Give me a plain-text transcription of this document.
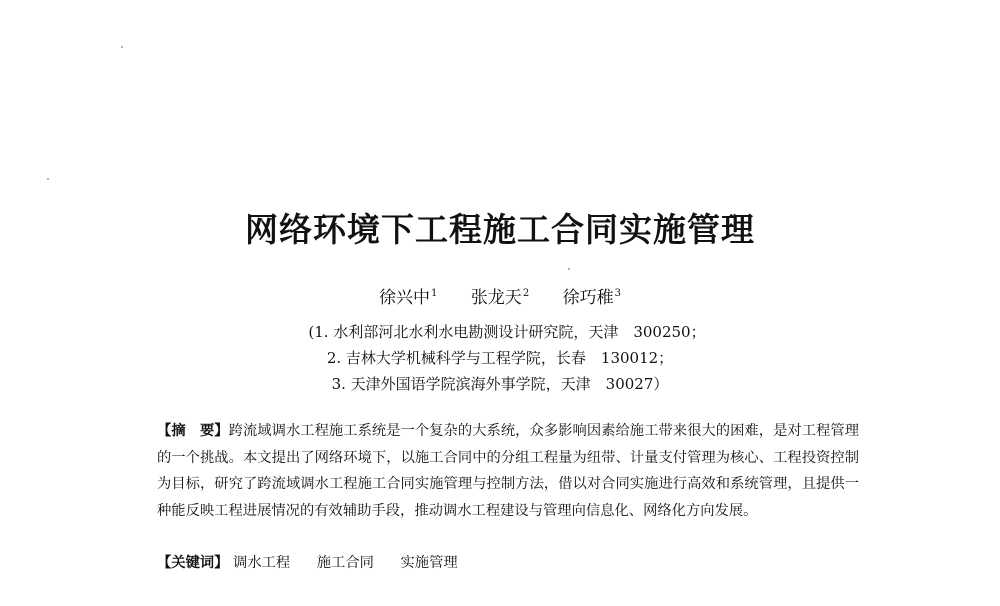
网络环境下工程施工合同实施管理
徐兴中$^1$ 张龙天$^2$ 徐巧稚$^3$
(1. 水利部河北水利水电勘测设计研究院，天津　300250；
2. 吉林大学机械科学与工程学院，长春　130012；
3. 天津外国语学院滨海外事学院，天津　30027）
【摘　要】跨流域调水工程施工系统是一个复杂的大系统，众多影响因素给施工带来很大的困难，是对工程管理的一个挑战。本文提出了网络环境下，以施工合同中的分组工程量为纽带、计量支付管理为核心、工程投资控制为目标，研究了跨流域调水工程施工合同实施管理与控制方法，借以对合同实施进行高效和系统管理，且提供一种能反映工程进展情况的有效辅助手段，推动调水工程建设与管理向信息化、网络化方向发展。
【关键词】 调水工程 施工合同 实施管理
